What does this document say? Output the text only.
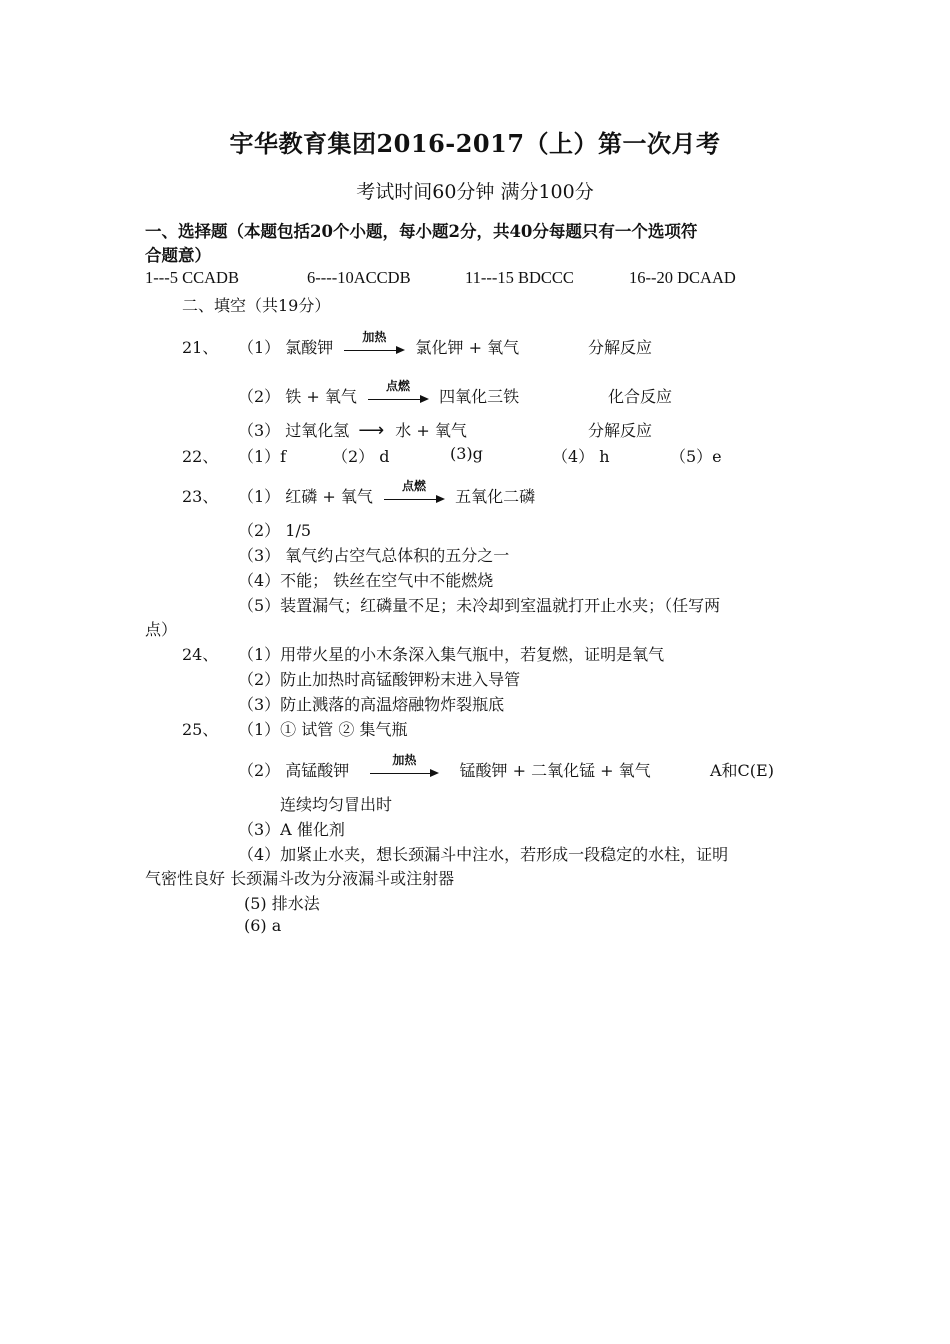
宇华教育集团2016-2017（上）第一次月考
考试时间60分钟 满分100分
一、选择题（本题包括20个小题，每小题2分，共40分每题只有一个选项符
合题意）
1---5 CCADB	6----10ACCDB	11---15 BDCCC	16--20 DCAAD
二、填空（共19分）
21、 （1） 氯酸钾
加热
氯化钾 + 氧气	分解反应
（2） 铁 + 氧气
点燃
四氧化三铁	化合反应
（3） 过氧化氢 ⟶ 水 + 氧气	分解反应
22、 （1）f	（2） d	(3)g	（4） h	（5）e
23、 （1） 红磷 + 氧气
点燃
五氧化二磷
（2） 1/5
（3） 氧气约占空气总体积的五分之一
（4）不能； 铁丝在空气中不能燃烧
（5）装置漏气；红磷量不足；未冷却到室温就打开止水夹；（任写两
点）
24、 （1）用带火星的小木条深入集气瓶中，若复燃，证明是氧气
（2）防止加热时高锰酸钾粉末进入导管
（3）防止溅落的高温熔融物炸裂瓶底
25、 （1）① 试管 ② 集气瓶
（2） 高锰酸钾
加热
锰酸钾 + 二氧化锰 + 氧气	A和C(E)
连续均匀冒出时
（3）A 催化剂
（4）加紧止水夹，想长颈漏斗中注水，若形成一段稳定的水柱，证明
气密性良好 长颈漏斗改为分液漏斗或注射器
(5) 排水法
(6) a
